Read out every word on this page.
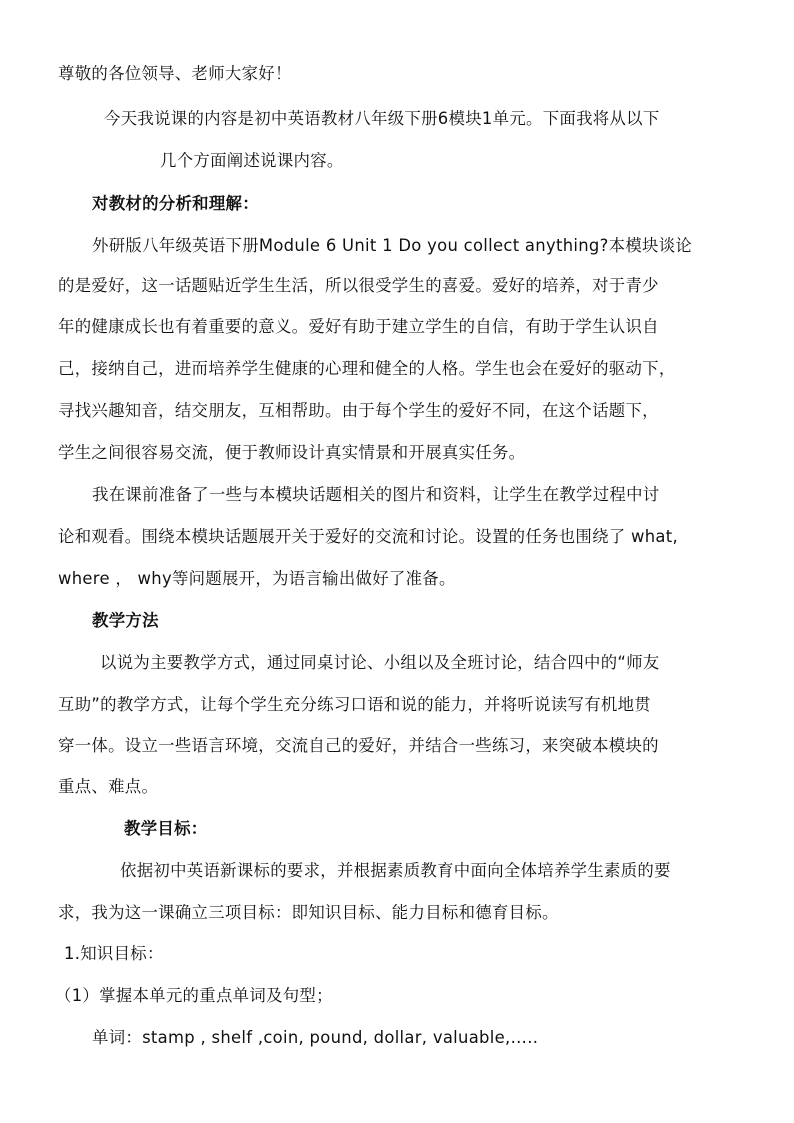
尊敬的各位领导、老师大家好！
今天我说课的内容是初中英语教材八年级下册6模块1单元。下面我将从以下
几个方面阐述说课内容。
对教材的分析和理解：
外研版八年级英语下册Module 6 Unit 1 Do you collect anything?本模块谈论
的是爱好，这一话题贴近学生生活，所以很受学生的喜爱。爱好的培养，对于青少
年的健康成长也有着重要的意义。爱好有助于建立学生的自信，有助于学生认识自
己，接纳自己，进而培养学生健康的心理和健全的人格。学生也会在爱好的驱动下，
寻找兴趣知音，结交朋友，互相帮助。由于每个学生的爱好不同，在这个话题下，
学生之间很容易交流，便于教师设计真实情景和开展真实任务。
我在课前准备了一些与本模块话题相关的图片和资料，让学生在教学过程中讨
论和观看。围绕本模块话题展开关于爱好的交流和讨论。设置的任务也围绕了 what,
where ， why等问题展开，为语言输出做好了准备。
教学方法
以说为主要教学方式，通过同桌讨论、小组以及全班讨论，结合四中的“师友
互助”的教学方式，让每个学生充分练习口语和说的能力，并将听说读写有机地贯
穿一体。设立一些语言环境，交流自己的爱好，并结合一些练习，来突破本模块的
重点、难点。
教学目标：
依据初中英语新课标的要求，并根据素质教育中面向全体培养学生素质的要
求，我为这一课确立三项目标：即知识目标、能力目标和德育目标。
1.知识目标：
（1）掌握本单元的重点单词及句型；
单词：stamp , shelf ,coin, pound, dollar, valuable,…..
